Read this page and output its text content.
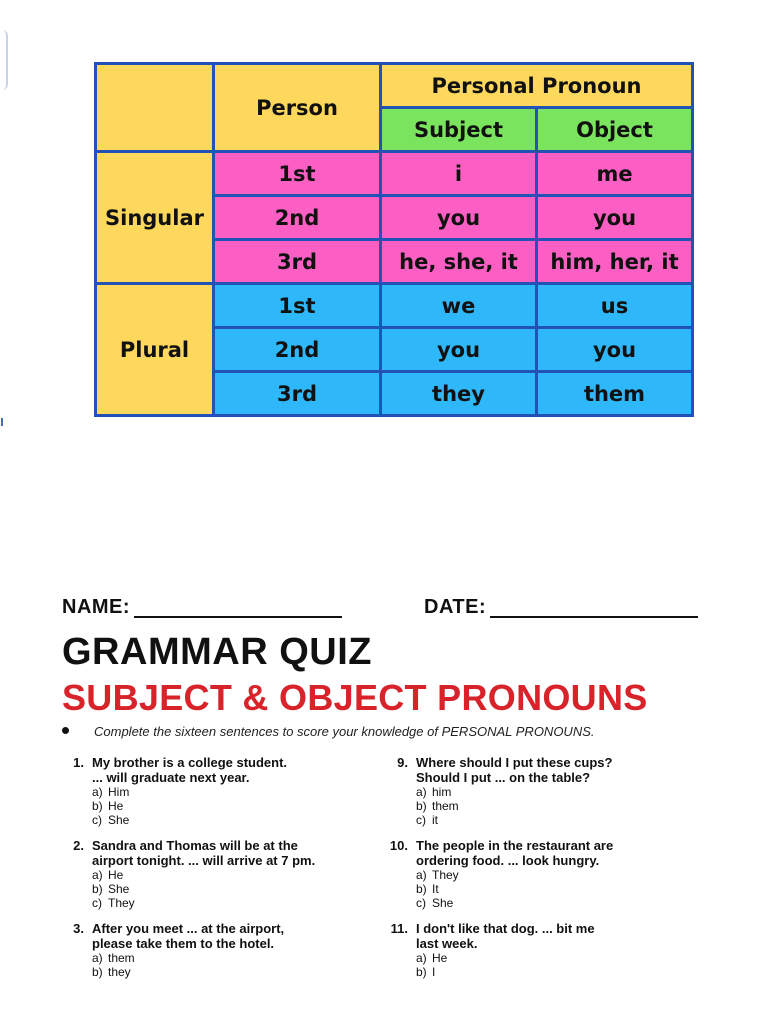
	Person	Personal Pronoun	
		Subject	Object
Singular	1st	i	me
	2nd	you	you
	3rd	he, she, it	him, her, it
Plural	1st	we	us
	2nd	you	you
	3rd	they	them
NAME:	DATE:
GRAMMAR QUIZ
SUBJECT & OBJECT PRONOUNS
Complete the sixteen sentences to score your knowledge of PERSONAL PRONOUNS.
1. My brother is a college student.
... will graduate next year.
a) Him
b) He
c) She
2. Sandra and Thomas will be at the
airport tonight. ... will arrive at 7 pm.
a) He
b) She
c) They
3. After you meet ... at the airport,
please take them to the hotel.
a) them
b) they
9. Where should I put these cups?
Should I put ... on the table?
a) him
b) them
c) it
10. The people in the restaurant are
ordering food. ... look hungry.
a) They
b) It
c) She
11. I don't like that dog. ... bit me
last week.
a) He
b) I
